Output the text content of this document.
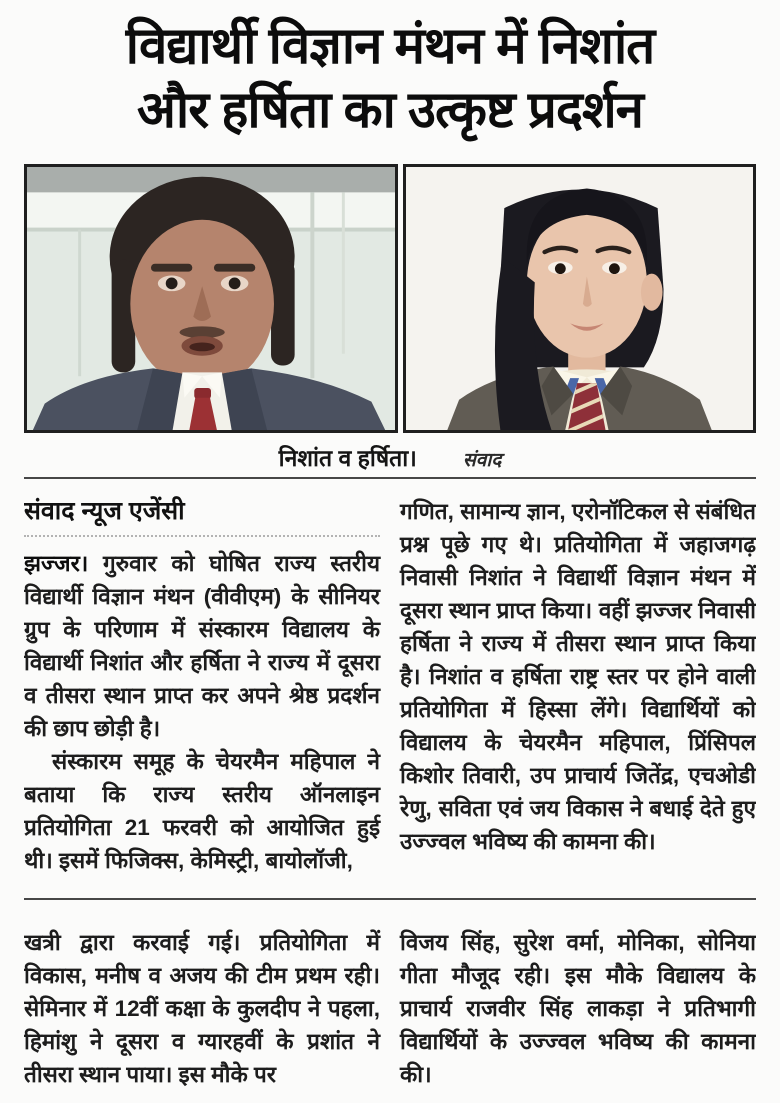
विद्यार्थी विज्ञान मंथन में निशांत
और हर्षिता का उत्कृष्ट प्रदर्शन
निशांत व हर्षिता। संवाद
संवाद न्यूज एजेंसी

झज्जर। गुरुवार को घोषित राज्य स्तरीय विद्यार्थी विज्ञान मंथन (वीवीएम) के सीनियर ग्रुप के परिणाम में संस्कारम विद्यालय के विद्यार्थी निशांत और हर्षिता ने राज्य में दूसरा व तीसरा स्थान प्राप्त कर अपने श्रेष्ठ प्रदर्शन की छाप छोड़ी है।

संस्कारम समूह के चेयरमैन महिपाल ने बताया कि राज्य स्तरीय ऑनलाइन प्रतियोगिता 21 फरवरी को आयोजित हुई थी। इसमें फिजिक्स, केमिस्ट्री, बायोलॉजी,

गणित, सामान्य ज्ञान, एरोनॉटिकल से संबंधित प्रश्न पूछे गए थे। प्रतियोगिता में जहाजगढ़ निवासी निशांत ने विद्यार्थी विज्ञान मंथन में दूसरा स्थान प्राप्त किया। वहीं झज्जर निवासी हर्षिता ने राज्य में तीसरा स्थान प्राप्त किया है। निशांत व हर्षिता राष्ट्र स्तर पर होने वाली प्रतियोगिता में हिस्सा लेंगे। विद्यार्थियों को विद्यालय के चेयरमैन महिपाल, प्रिंसिपल किशोर तिवारी, उप प्राचार्य जितेंद्र, एचओडी रेणु, सविता एवं जय विकास ने बधाई देते हुए उज्ज्वल भविष्य की कामना की।

खत्री द्वारा करवाई गई। प्रतियोगिता में विकास, मनीष व अजय की टीम प्रथम रही। सेमिनार में 12वीं कक्षा के कुलदीप ने पहला, हिमांशु ने दूसरा व ग्यारहवीं के प्रशांत ने तीसरा स्थान पाया। इस मौके पर

विजय सिंह, सुरेश वर्मा, मोनिका, सोनिया गीता मौजूद रही। इस मौके विद्यालय के प्राचार्य राजवीर सिंह लाकड़ा ने प्रतिभागी विद्यार्थियों के उज्ज्वल भविष्य की कामना की।
